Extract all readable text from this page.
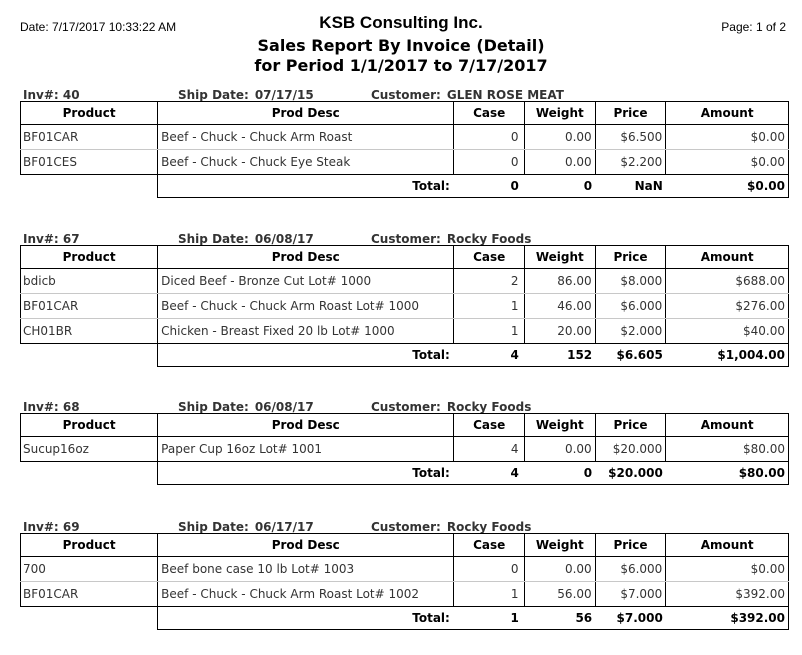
Date: 7/17/2017 10:33:22 AM	Page: 1 of 2
KSB Consulting Inc.
Sales Report By Invoice (Detail)
for Period 1/1/2017 to 7/17/2017
Inv#: 40	Ship Date: 07/17/15	Customer: GLEN ROSE MEAT
Product	Prod Desc	Case	Weight	Price	Amount
BF01CAR	Beef - Chuck - Chuck Arm Roast	0	0.00	$6.500	$0.00
BF01CES	Beef - Chuck - Chuck Eye Steak	0	0.00	$2.200	$0.00
	Total:	0	0	NaN	$0.00
Inv#: 67	Ship Date: 06/08/17	Customer: Rocky Foods
Product	Prod Desc	Case	Weight	Price	Amount
bdicb	Diced Beef - Bronze Cut Lot# 1000	2	86.00	$8.000	$688.00
BF01CAR	Beef - Chuck - Chuck Arm Roast Lot# 1000	1	46.00	$6.000	$276.00
CH01BR	Chicken - Breast Fixed 20 lb Lot# 1000	1	20.00	$2.000	$40.00
	Total:	4	152	$6.605	$1,004.00
Inv#: 68	Ship Date: 06/08/17	Customer: Rocky Foods
Product	Prod Desc	Case	Weight	Price	Amount
Sucup16oz	Paper Cup 16oz Lot# 1001	4	0.00	$20.000	$80.00
	Total:	4	0	$20.000	$80.00
Inv#: 69	Ship Date: 06/17/17	Customer: Rocky Foods
Product	Prod Desc	Case	Weight	Price	Amount
700	Beef bone case 10 lb Lot# 1003	0	0.00	$6.000	$0.00
BF01CAR	Beef - Chuck - Chuck Arm Roast Lot# 1002	1	56.00	$7.000	$392.00
	Total:	1	56	$7.000	$392.00
